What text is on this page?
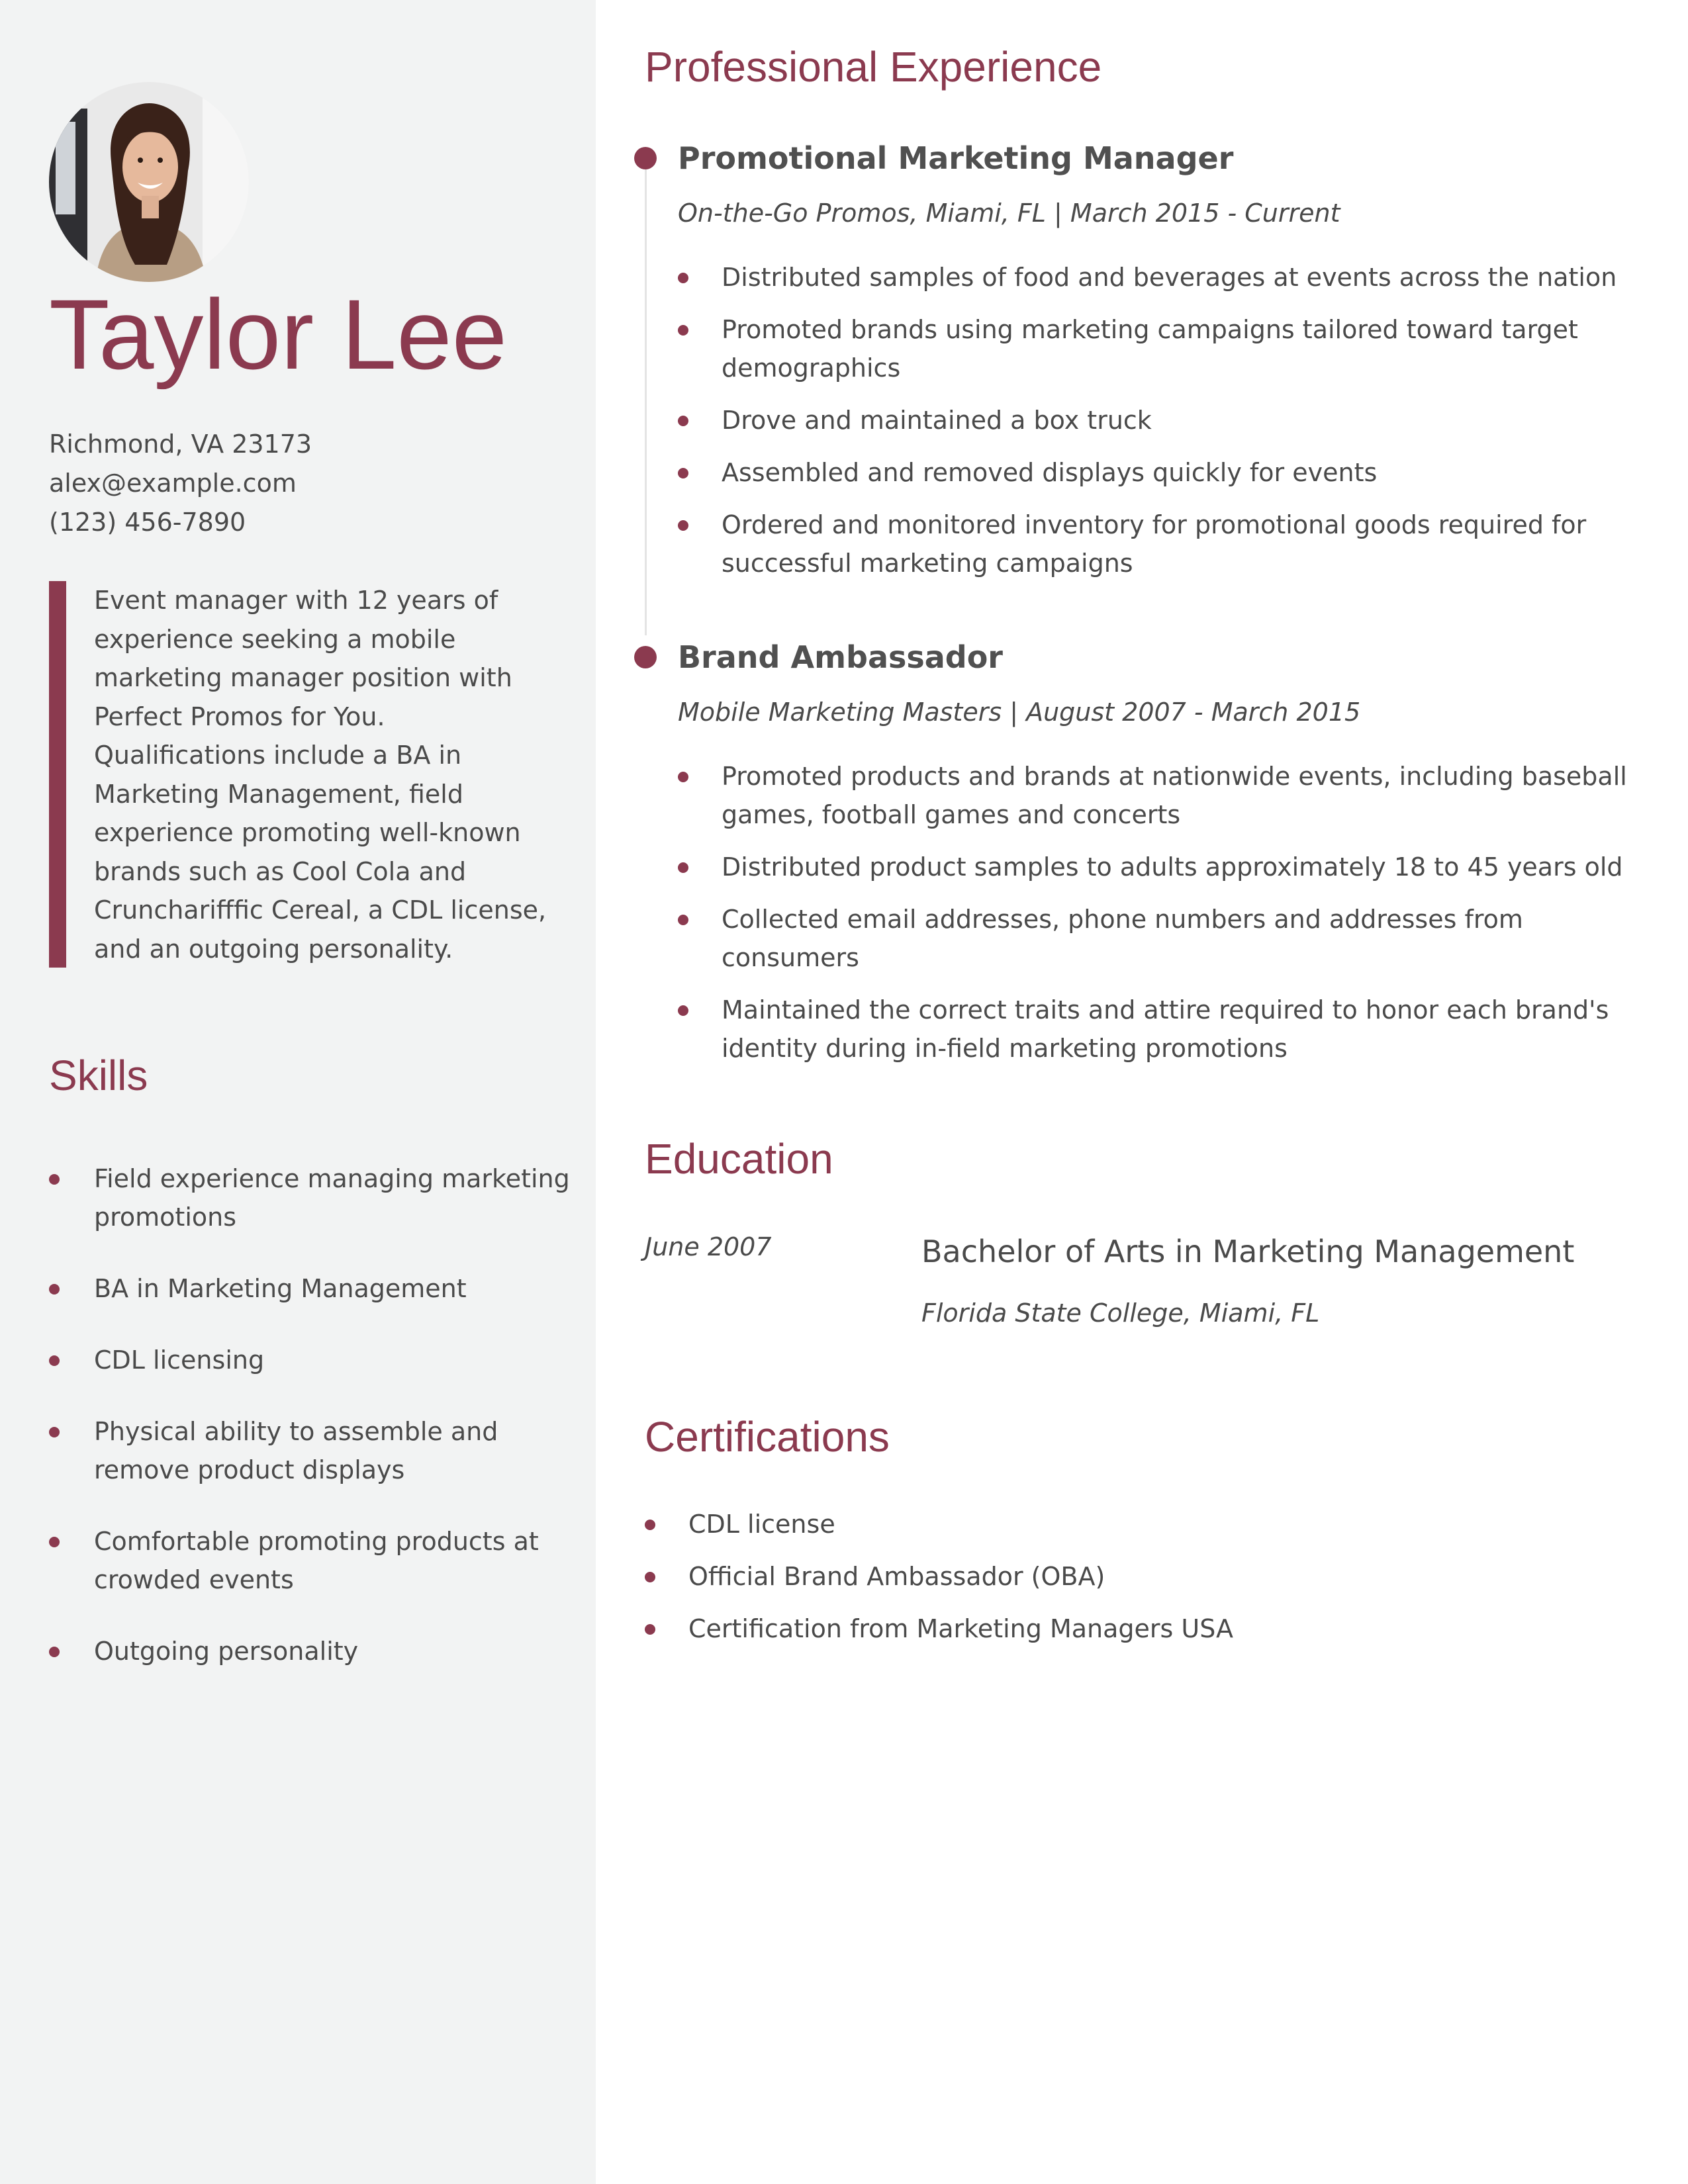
Taylor Lee
Richmond, VA 23173
alex@example.com
(123) 456-7890

Event manager with 12 years of experience seeking a mobile marketing manager position with Perfect Promos for You. Qualifications include a BA in Marketing Management, field experience promoting well-known brands such as Cool Cola and Cruncharifffic Cereal, a CDL license, and an outgoing personality.

Skills
Field experience managing marketing promotions
BA in Marketing Management
CDL licensing
Physical ability to assemble and remove product displays
Comfortable promoting products at crowded events
Outgoing personality
Professional Experience
Promotional Marketing Manager

On-the-Go Promos, Miami, FL | March 2015 - Current

Distributed samples of food and beverages at events across the nation
Promoted brands using marketing campaigns tailored toward target demographics
Drove and maintained a box truck
Assembled and removed displays quickly for events
Ordered and monitored inventory for promotional goods required for successful marketing campaigns
Brand Ambassador

Mobile Marketing Masters | August 2007 - March 2015

Promoted products and brands at nationwide events, including baseball games, football games and concerts
Distributed product samples to adults approximately 18 to 45 years old
Collected email addresses, phone numbers and addresses from consumers
Maintained the correct traits and attire required to honor each brand's identity during in-field marketing promotions
Education
June 2007	Bachelor of Arts in Marketing Management
Florida State College, Miami, FL
Certifications
CDL license
Official Brand Ambassador (OBA)
Certification from Marketing Managers USA
